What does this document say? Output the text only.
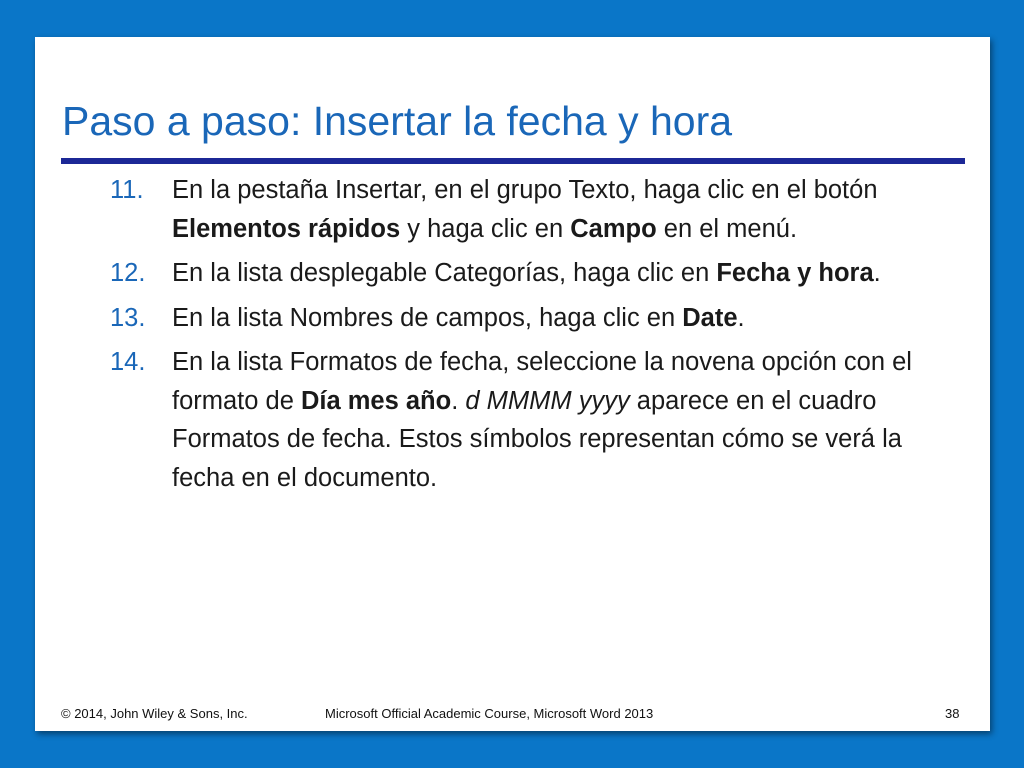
Paso a paso: Insertar la fecha y hora
11.	En la pestaña Insertar, en el grupo Texto, haga clic en el botón Elementos rápidos y haga clic en Campo en el menú.
12.	En la lista desplegable Categorías, haga clic en Fecha y hora.
13.	En la lista Nombres de campos, haga clic en Date.
14.	En la lista Formatos de fecha, seleccione la novena opción con el formato de Día mes año. d MMMM yyyy aparece en el cuadro Formatos de fecha. Estos símbolos representan cómo se verá la fecha en el documento.
© 2014, John Wiley & Sons, Inc.	Microsoft Official Academic Course, Microsoft Word 2013	38
